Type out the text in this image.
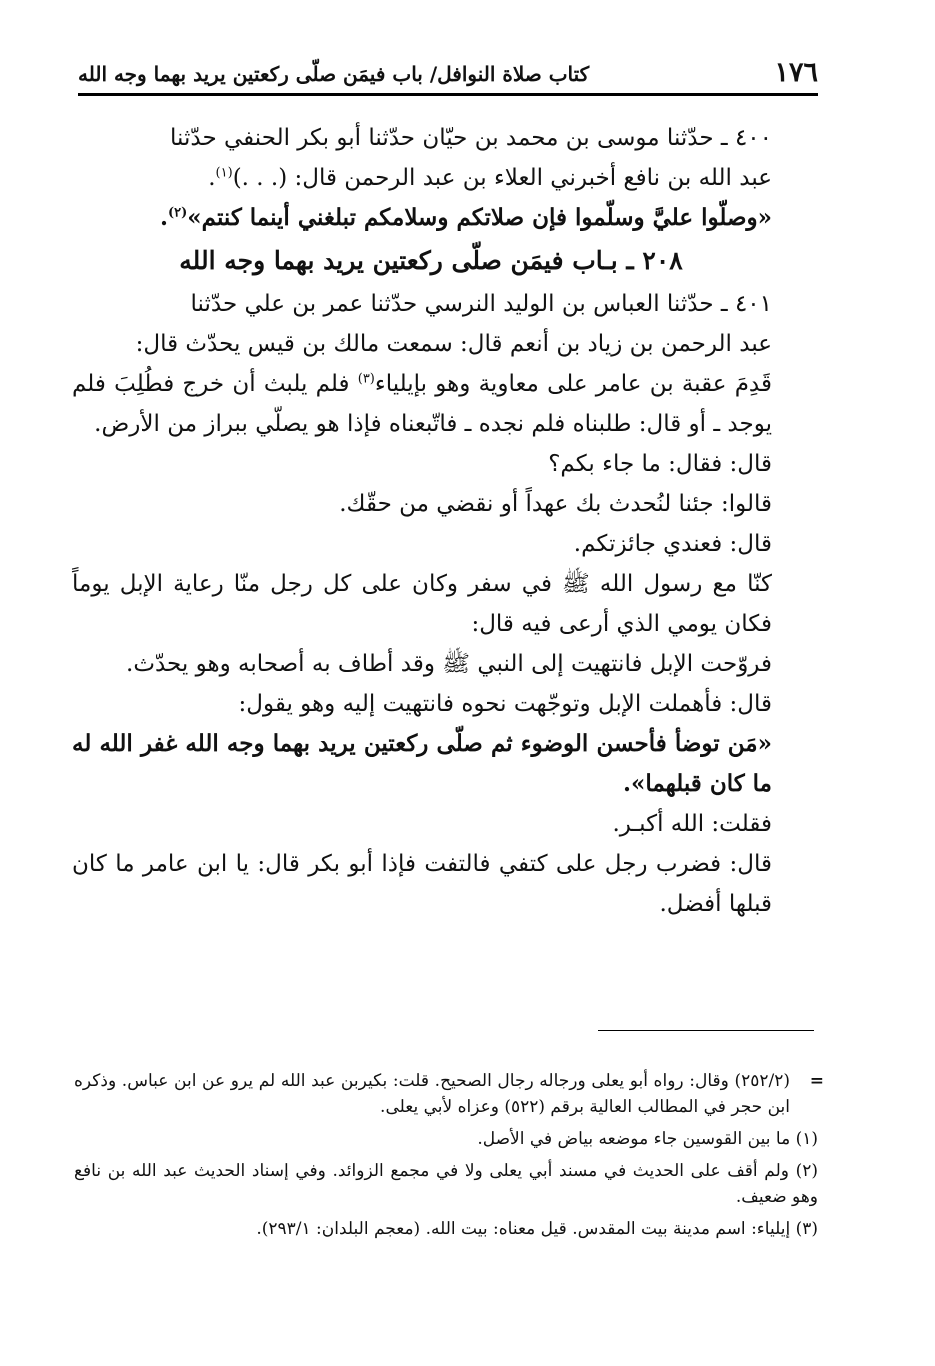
١٧٦
كتاب صلاة النوافل/ باب فيمَن صلّى ركعتين يريد بهما وجه الله

٤٠٠ ـ حدّثنا موسى بن محمد بن حيّان حدّثنا أبو بكر الحنفي حدّثنا
عبد الله بن نافع أخبرني العلاء بن عبد الرحمن قال: (. . .)$^{(١)}$.

«وصلّوا عليَّ وسلّموا فإن صلاتكم وسلامكم تبلغني أينما كنتم»$^{(٢)}$.

٢٠٨ ـ بـاب فيمَن صلّى ركعتين يريد بهما وجه الله

٤٠١ ـ حدّثنا العباس بن الوليد النرسي حدّثنا عمر بن علي حدّثنا
عبد الرحمن بن زياد بن أنعم قال: سمعت مالك بن قيس يحدّث قال:

قَدِمَ عقبة بن عامر على معاوية وهو بإيلياء$^{(٣)}$ فلم يلبث أن خرج فطُلِبَ فلم يوجد ـ أو قال: طلبناه فلم نجده ـ فاتّبعناه فإذا هو يصلّي ببراز من الأرض.

قال: فقال: ما جاء بكم؟

قالوا: جئنا لنُحدث بك عهداً أو نقضي من حقّك.

قال: فعندي جائزتكم.

كنّا مع رسول الله ﷺ في سفر وكان على كل رجل منّا رعاية الإبل يوماً فكان يومي الذي أرعى فيه قال:

فروّحت الإبل فانتهيت إلى النبي ﷺ وقد أطاف به أصحابه وهو يحدّث.

قال: فأهملت الإبل وتوجّهت نحوه فانتهيت إليه وهو يقول:

«مَن توضأ فأحسن الوضوء ثم صلّى ركعتين يريد بهما وجه الله غفر الله له ما كان قبلهما».

فقلت: الله أكبـر.

قال: فضرب رجل على كتفي فالتفت فإذا أبو بكر قال: يا ابن عامر ما كان قبلها أفضل.

=
(٢٥٢/٢) وقال: رواه أبو يعلى ورجاله رجال الصحيح. قلت: بكيربن عبد الله لم يرو عن ابن عباس. وذكره ابن حجر في المطالب العالية برقم (٥٢٢) وعزاه لأبي يعلى.

(١) ما بين القوسين جاء موضعه بياض في الأصل.

(٢) ولم أقف على الحديث في مسند أبي يعلى ولا في مجمع الزوائد. وفي إسناد الحديث عبد الله بن نافع وهو ضعيف.

(٣) إيلياء: اسم مدينة بيت المقدس. قيل معناه: بيت الله. (معجم البلدان: ٢٩٣/١).
